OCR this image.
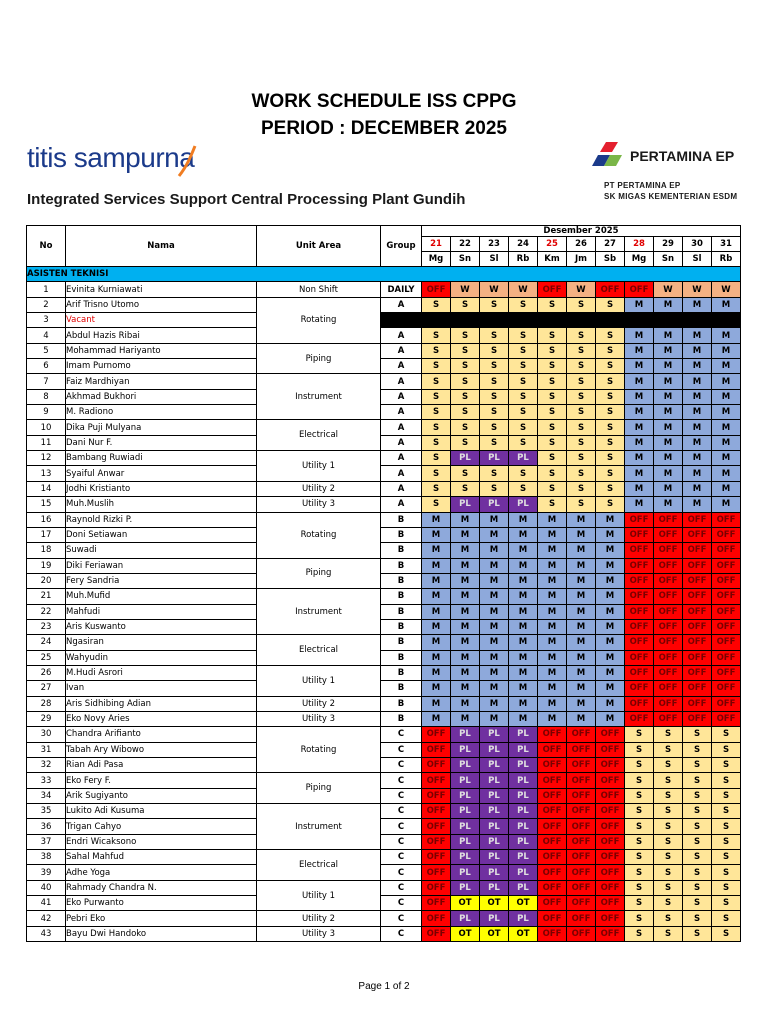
WORK SCHEDULE ISS CPPG
PERIOD : DECEMBER 2025
titis sampurna	PERTAMINA EP
PT PERTAMINA EP
SK MIGAS KEMENTERIAN ESDM
Integrated Services Support Central Processing Plant Gundih
No	Nama	Unit Area	Group	Desember 2025										
				21	22	23	24	25	26	27	28	29	30	31
				Mg	Sn	Sl	Rb	Km	Jm	Sb	Mg	Sn	Sl	Rb
ASISTEN TEKNISI														
1	Evinita Kurniawati	Non Shift	DAILY	OFF	W	W	W	OFF	W	OFF	OFF	W	W	W
2	Arif Trisno Utomo	Rotating	A	S	S	S	S	S	S	S	M	M	M	M
3	Vacant													
4	Abdul Hazis Ribai		A	S	S	S	S	S	S	S	M	M	M	M
5	Mohammad Hariyanto	Piping	A	S	S	S	S	S	S	S	M	M	M	M
6	Imam Purnomo		A	S	S	S	S	S	S	S	M	M	M	M
7	Faiz Mardhiyan	Instrument	A	S	S	S	S	S	S	S	M	M	M	M
8	Akhmad Bukhori		A	S	S	S	S	S	S	S	M	M	M	M
9	M. Radiono		A	S	S	S	S	S	S	S	M	M	M	M
10	Dika Puji Mulyana	Electrical	A	S	S	S	S	S	S	S	M	M	M	M
11	Dani Nur F.		A	S	S	S	S	S	S	S	M	M	M	M
12	Bambang Ruwiadi	Utility 1	A	S	PL	PL	PL	S	S	S	M	M	M	M
13	Syaiful Anwar		A	S	S	S	S	S	S	S	M	M	M	M
14	Jodhi Kristianto	Utility 2	A	S	S	S	S	S	S	S	M	M	M	M
15	Muh.Muslih	Utility 3	A	S	PL	PL	PL	S	S	S	M	M	M	M
16	Raynold Rizki P.	Rotating	B	M	M	M	M	M	M	M	OFF	OFF	OFF	OFF
17	Doni Setiawan		B	M	M	M	M	M	M	M	OFF	OFF	OFF	OFF
18	Suwadi		B	M	M	M	M	M	M	M	OFF	OFF	OFF	OFF
19	Diki Feriawan	Piping	B	M	M	M	M	M	M	M	OFF	OFF	OFF	OFF
20	Fery Sandria		B	M	M	M	M	M	M	M	OFF	OFF	OFF	OFF
21	Muh.Mufid	Instrument	B	M	M	M	M	M	M	M	OFF	OFF	OFF	OFF
22	Mahfudi		B	M	M	M	M	M	M	M	OFF	OFF	OFF	OFF
23	Aris Kuswanto		B	M	M	M	M	M	M	M	OFF	OFF	OFF	OFF
24	Ngasiran	Electrical	B	M	M	M	M	M	M	M	OFF	OFF	OFF	OFF
25	Wahyudin		B	M	M	M	M	M	M	M	OFF	OFF	OFF	OFF
26	M.Hudi Asrori	Utility 1	B	M	M	M	M	M	M	M	OFF	OFF	OFF	OFF
27	Ivan		B	M	M	M	M	M	M	M	OFF	OFF	OFF	OFF
28	Aris Sidhibing Adian	Utility 2	B	M	M	M	M	M	M	M	OFF	OFF	OFF	OFF
29	Eko Novy Aries	Utility 3	B	M	M	M	M	M	M	M	OFF	OFF	OFF	OFF
30	Chandra Arifianto	Rotating	C	OFF	PL	PL	PL	OFF	OFF	OFF	S	S	S	S
31	Tabah Ary Wibowo		C	OFF	PL	PL	PL	OFF	OFF	OFF	S	S	S	S
32	Rian Adi Pasa		C	OFF	PL	PL	PL	OFF	OFF	OFF	S	S	S	S
33	Eko Fery F.	Piping	C	OFF	PL	PL	PL	OFF	OFF	OFF	S	S	S	S
34	Arik Sugiyanto		C	OFF	PL	PL	PL	OFF	OFF	OFF	S	S	S	S
35	Lukito Adi Kusuma	Instrument	C	OFF	PL	PL	PL	OFF	OFF	OFF	S	S	S	S
36	Trigan Cahyo		C	OFF	PL	PL	PL	OFF	OFF	OFF	S	S	S	S
37	Endri Wicaksono		C	OFF	PL	PL	PL	OFF	OFF	OFF	S	S	S	S
38	Sahal Mahfud	Electrical	C	OFF	PL	PL	PL	OFF	OFF	OFF	S	S	S	S
39	Adhe Yoga		C	OFF	PL	PL	PL	OFF	OFF	OFF	S	S	S	S
40	Rahmady Chandra N.	Utility 1	C	OFF	PL	PL	PL	OFF	OFF	OFF	S	S	S	S
41	Eko Purwanto		C	OFF	OT	OT	OT	OFF	OFF	OFF	S	S	S	S
42	Pebri Eko	Utility 2	C	OFF	PL	PL	PL	OFF	OFF	OFF	S	S	S	S
43	Bayu Dwi Handoko	Utility 3	C	OFF	OT	OT	OT	OFF	OFF	OFF	S	S	S	S
Page 1 of 2
